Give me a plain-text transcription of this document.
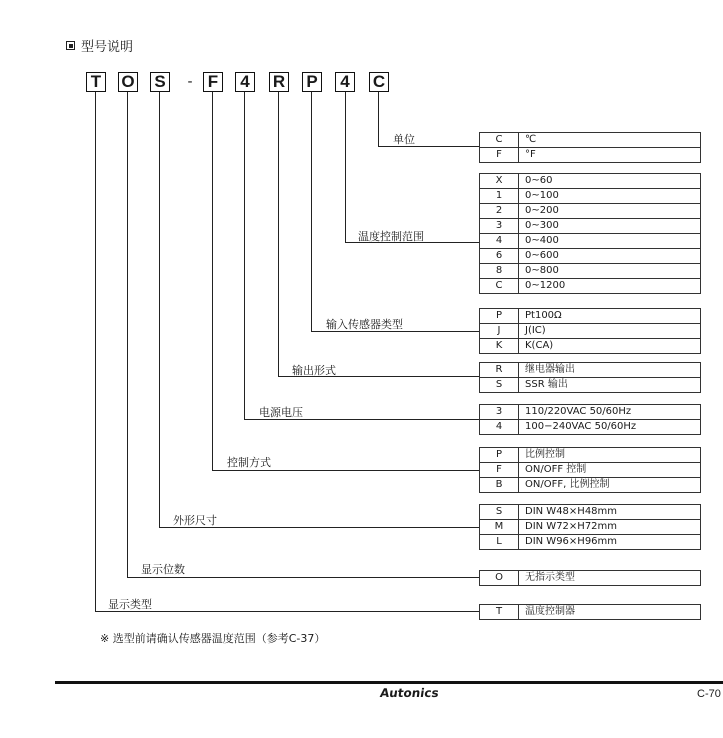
型号说明
T O S	- F	4	R P	4	C
单位
温度控制范围
输入传感器类型
输出形式
电源电压
控制方式
外形尺寸
显示位数
显示类型
C	℃
F	°F
X	0~60
1	0~100
2	0~200
3	0~300
4	0~400
6	0~600
8	0~800
C	0~1200
P	Pt100Ω
J	J(IC)
K	K(CA)
R	继电器输出
S	SSR 输出
3	110/220VAC 50/60Hz
4	100−240VAC 50/60Hz
P	比例控制
F	ON/OFF 控制
B	ON/OFF, 比例控制
S	DIN W48×H48mm
M	DIN W72×H72mm
L	DIN W96×H96mm
O	无指示类型
T	温度控制器
※ 选型前请确认传感器温度范围（参考C-37）
Autonics	C-70
